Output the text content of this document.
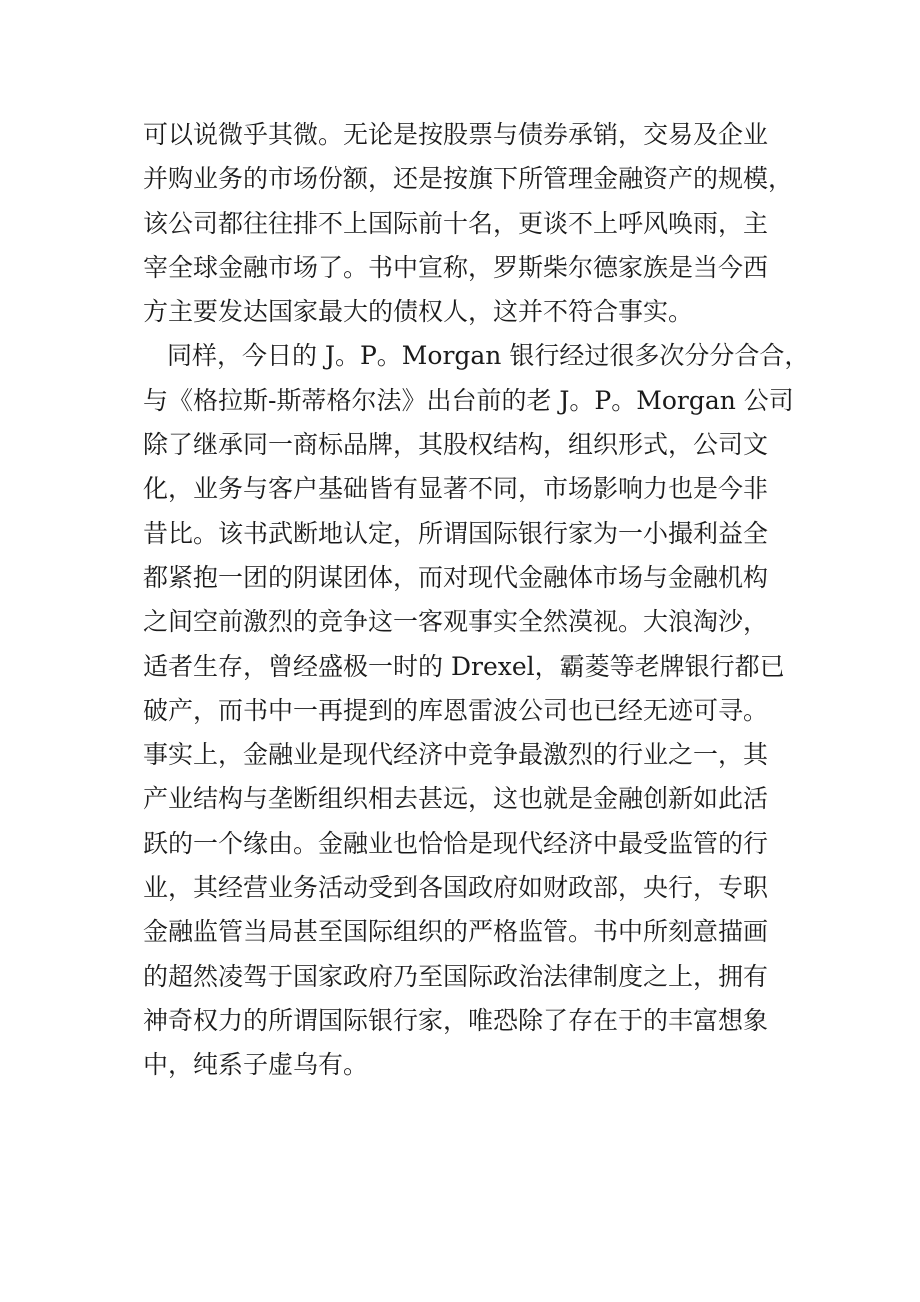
可以说微乎其微。无论是按股票与债券承销，交易及企业
并购业务的市场份额，还是按旗下所管理金融资产的规模，
该公司都往往排不上国际前十名，更谈不上呼风唤雨，主
宰全球金融市场了。书中宣称，罗斯柴尔德家族是当今西
方主要发达国家最大的债权人，这并不符合事实。
同样，今日的 J。P。Morgan 银行经过很多次分分合合，
与《格拉斯-斯蒂格尔法》出台前的老 J。P。Morgan 公司
除了继承同一商标品牌，其股权结构，组织形式，公司文
化，业务与客户基础皆有显著不同，市场影响力也是今非
昔比。该书武断地认定，所谓国际银行家为一小撮利益全
都紧抱一团的阴谋团体，而对现代金融体市场与金融机构
之间空前激烈的竞争这一客观事实全然漠视。大浪淘沙，
适者生存，曾经盛极一时的 Drexel，霸菱等老牌银行都已
破产，而书中一再提到的库恩雷波公司也已经无迹可寻。
事实上，金融业是现代经济中竞争最激烈的行业之一，其
产业结构与垄断组织相去甚远，这也就是金融创新如此活
跃的一个缘由。金融业也恰恰是现代经济中最受监管的行
业，其经营业务活动受到各国政府如财政部，央行，专职
金融监管当局甚至国际组织的严格监管。书中所刻意描画
的超然凌驾于国家政府乃至国际政治法律制度之上，拥有
神奇权力的所谓国际银行家，唯恐除了存在于的丰富想象
中，纯系子虚乌有。
